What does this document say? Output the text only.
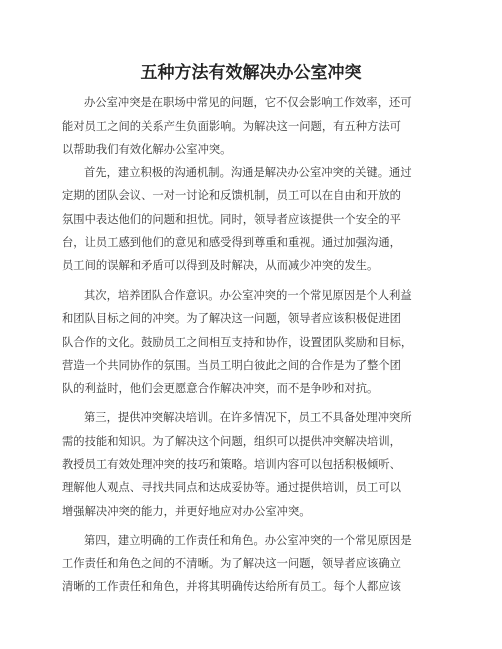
五种方法有效解决办公室冲突
办公室冲突是在职场中常见的问题，它不仅会影响工作效率，还可
能对员工之间的关系产生负面影响。为解决这一问题，有五种方法可
以帮助我们有效化解办公室冲突。
首先，建立积极的沟通机制。沟通是解决办公室冲突的关键。通过
定期的团队会议、一对一讨论和反馈机制，员工可以在自由和开放的
氛围中表达他们的问题和担忧。同时，领导者应该提供一个安全的平
台，让员工感到他们的意见和感受得到尊重和重视。通过加强沟通，
员工间的误解和矛盾可以得到及时解决，从而减少冲突的发生。
其次，培养团队合作意识。办公室冲突的一个常见原因是个人利益
和团队目标之间的冲突。为了解决这一问题，领导者应该积极促进团
队合作的文化。鼓励员工之间相互支持和协作，设置团队奖励和目标，
营造一个共同协作的氛围。当员工明白彼此之间的合作是为了整个团
队的利益时，他们会更愿意合作解决冲突，而不是争吵和对抗。
第三，提供冲突解决培训。在许多情况下，员工不具备处理冲突所
需的技能和知识。为了解决这个问题，组织可以提供冲突解决培训，
教授员工有效处理冲突的技巧和策略。培训内容可以包括积极倾听、
理解他人观点、寻找共同点和达成妥协等。通过提供培训，员工可以
增强解决冲突的能力，并更好地应对办公室冲突。
第四，建立明确的工作责任和角色。办公室冲突的一个常见原因是
工作责任和角色之间的不清晰。为了解决这一问题，领导者应该确立
清晰的工作责任和角色，并将其明确传达给所有员工。每个人都应该
